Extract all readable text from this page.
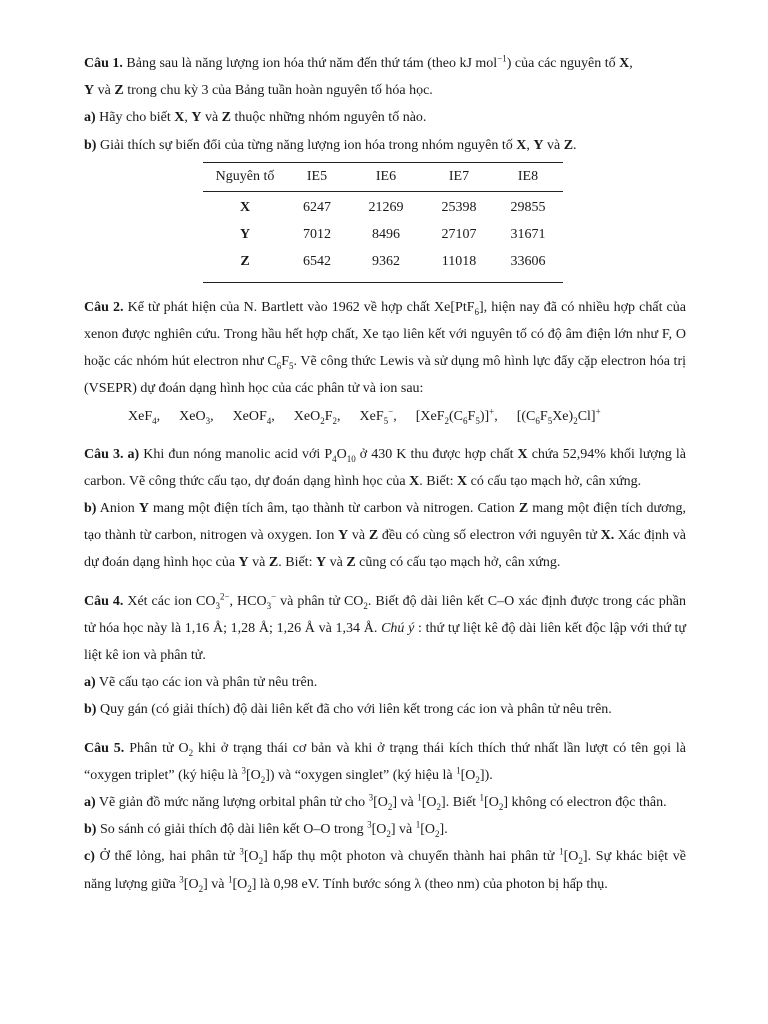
Câu 1. Bảng sau là năng lượng ion hóa thứ năm đến thứ tám (theo kJ mol$^{-1}$) của các nguyên tố X,
Y và Z trong chu kỳ 3 của Bảng tuần hoàn nguyên tố hóa học.

a) Hãy cho biết X, Y và Z thuộc những nhóm nguyên tố nào.

b) Giải thích sự biến đổi của từng năng lượng ion hóa trong nhóm nguyên tố X, Y và Z.

Nguyên tố	IE5	IE6	IE7	IE8
X	6247	21269	25398	29855
Y	7012	8496	27107	31671
Z	6542	9362	11018	33606

Câu 2. Kể từ phát hiện của N. Bartlett vào 1962 về hợp chất Xe[PtF$_6$], hiện nay đã có nhiều hợp chất của xenon được nghiên cứu. Trong hầu hết hợp chất, Xe tạo liên kết với nguyên tố có độ âm điện lớn như F, O hoặc các nhóm hút electron như $C_6F_5$. Vẽ công thức Lewis và sử dụng mô hình lực đẩy cặp electron hóa trị (VSEPR) dự đoán dạng hình học của các phân tử và ion sau:

XeF$_4$, XeO$_3$, XeOF$_4$, $XeO_2F_2$, XeF$_5$−, $[XeF_2(C_6F_5)]^+$, $[(C_6F_5Xe)_2Cl]^+$

Câu 3. a) Khi đun nóng manolic acid với $P_4O_{10}$ ở 430 K thu được hợp chất X chứa 52,94% khối lượng là carbon. Vẽ công thức cấu tạo, dự đoán dạng hình học của X. Biết: X có cấu tạo mạch hở, cân xứng.

b) Anion Y mang một điện tích âm, tạo thành từ carbon và nitrogen. Cation Z mang một điện tích dương, tạo thành từ carbon, nitrogen và oxygen. Ion Y và Z đều có cùng số electron với nguyên tử X. Xác định và dự đoán dạng hình học của Y và Z. Biết: Y và Z cũng có cấu tạo mạch hở, cân xứng.

Câu 4. Xét các ion $CO_3^{2-}$, $HCO_3^-$ và phân tử $CO_2$. Biết độ dài liên kết C–O xác định được trong các phần tử hóa học này là 1,16 Å; 1,28 Å; 1,26 Å và 1,34 Å. Chú ý : thứ tự liệt kê độ dài liên kết độc lập với thứ tự liệt kê ion và phân tử.

a) Vẽ cấu tạo các ion và phân tử nêu trên.

b) Quy gán (có giải thích) độ dài liên kết đã cho với liên kết trong các ion và phân tử nêu trên.

Câu 5. Phân tử $O_2$ khi ở trạng thái cơ bản và khi ở trạng thái kích thích thứ nhất lần lượt có tên gọi là “oxygen triplet” (ký hiệu là $^3[O_2]$) và “oxygen singlet” (ký hiệu là $^1[O_2]$).

a) Vẽ giản đồ mức năng lượng orbital phân tử cho $^3[O_2]$ và $^1[O_2]$. Biết $^1[O_2]$ không có electron độc thân.

b) So sánh có giải thích độ dài liên kết O–O trong $^3[O_2]$ và $^1[O_2]$.

c) Ở thể lỏng, hai phân tử $^3[O_2]$ hấp thụ một photon và chuyển thành hai phân tử $^1[O_2]$. Sự khác biệt về năng lượng giữa $^3[O_2]$ và $^1[O_2]$ là 0,98 eV. Tính bước sóng λ (theo nm) của photon bị hấp thụ.
